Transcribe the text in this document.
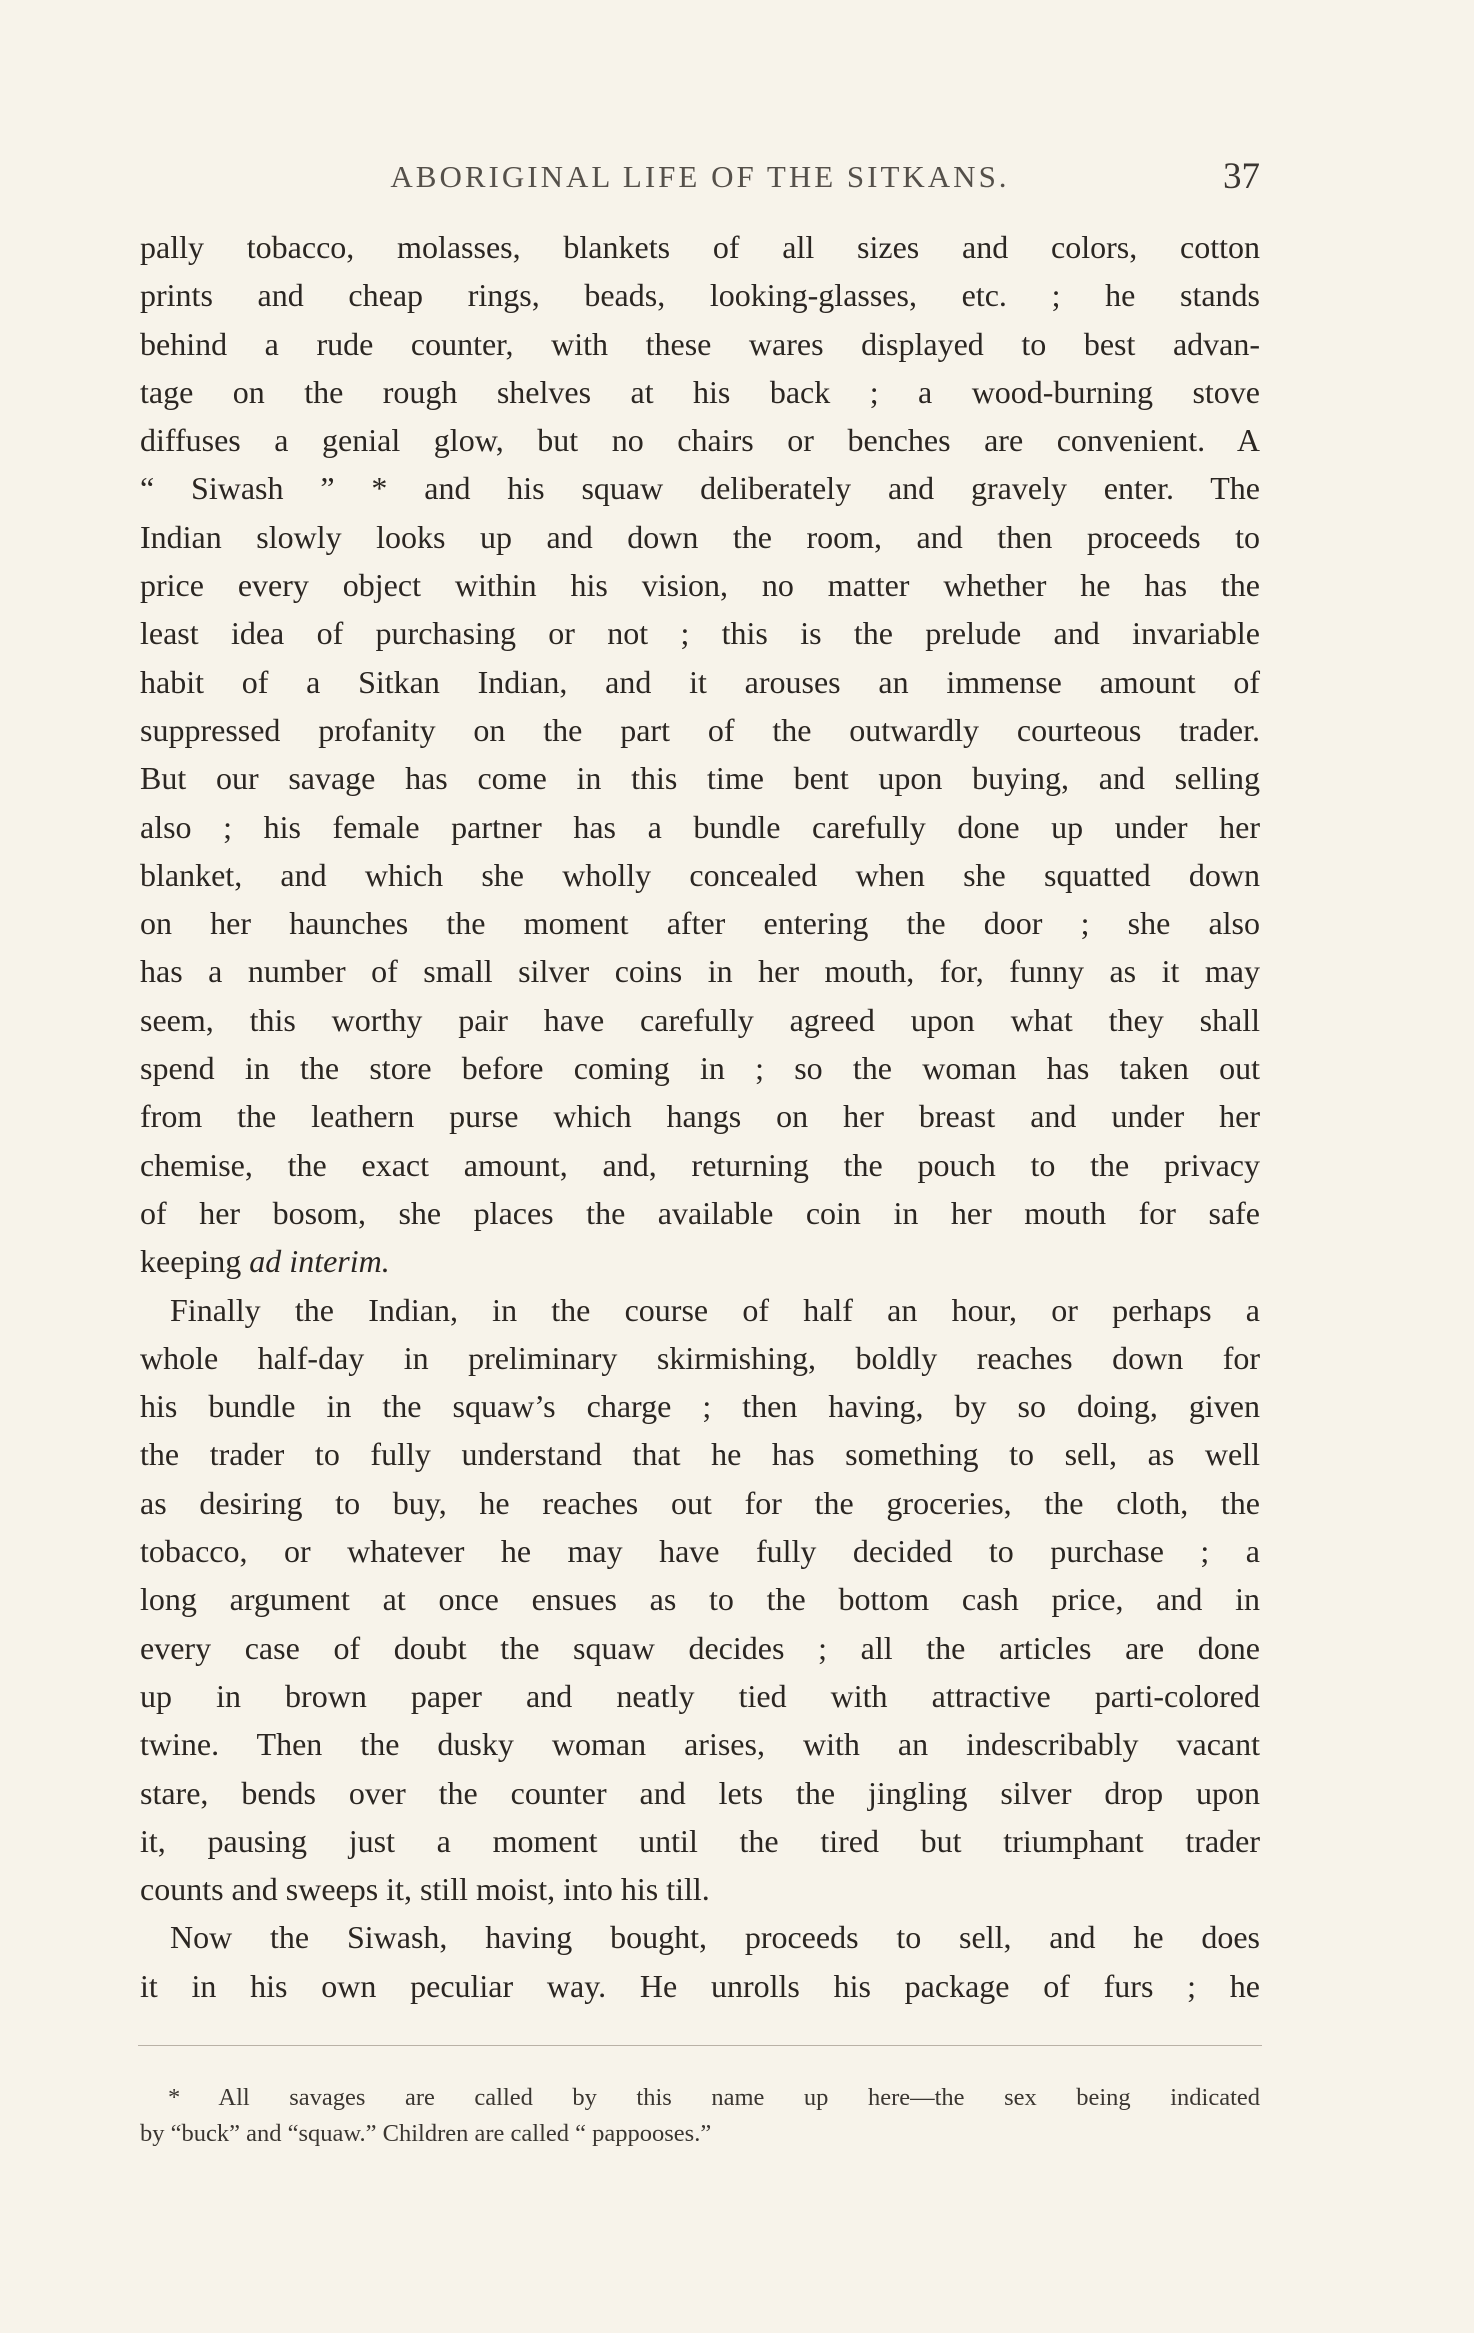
ABORIGINAL LIFE OF THE SITKANS.	37
pally tobacco, molasses, blankets of all sizes and colors, cotton
prints and cheap rings, beads, looking-glasses, etc. ; he stands
behind a rude counter, with these wares displayed to best advan-
tage on the rough shelves at his back ; a wood-burning stove
diffuses a genial glow, but no chairs or benches are convenient. A
“ Siwash ” * and his squaw deliberately and gravely enter. The
Indian slowly looks up and down the room, and then proceeds to
price every object within his vision, no matter whether he has the
least idea of purchasing or not ; this is the prelude and invariable
habit of a Sitkan Indian, and it arouses an immense amount of
suppressed profanity on the part of the outwardly courteous trader.
But our savage has come in this time bent upon buying, and selling
also ; his female partner has a bundle carefully done up under her
blanket, and which she wholly concealed when she squatted down
on her haunches the moment after entering the door ; she also
has a number of small silver coins in her mouth, for, funny as it may
seem, this worthy pair have carefully agreed upon what they shall
spend in the store before coming in ; so the woman has taken out
from the leathern purse which hangs on her breast and under her
chemise, the exact amount, and, returning the pouch to the privacy
of her bosom, she places the available coin in her mouth for safe
keeping ad interim.
Finally the Indian, in the course of half an hour, or perhaps a
whole half-day in preliminary skirmishing, boldly reaches down for
his bundle in the squaw’s charge ; then having, by so doing, given
the trader to fully understand that he has something to sell, as well
as desiring to buy, he reaches out for the groceries, the cloth, the
tobacco, or whatever he may have fully decided to purchase ; a
long argument at once ensues as to the bottom cash price, and in
every case of doubt the squaw decides ; all the articles are done
up in brown paper and neatly tied with attractive parti-colored
twine. Then the dusky woman arises, with an indescribably vacant
stare, bends over the counter and lets the jingling silver drop upon
it, pausing just a moment until the tired but triumphant trader
counts and sweeps it, still moist, into his till.
Now the Siwash, having bought, proceeds to sell, and he does
it in his own peculiar way. He unrolls his package of furs ; he
* All savages are called by this name up here—the sex being indicated
by “buck” and “squaw.” Children are called “ pappooses.”
